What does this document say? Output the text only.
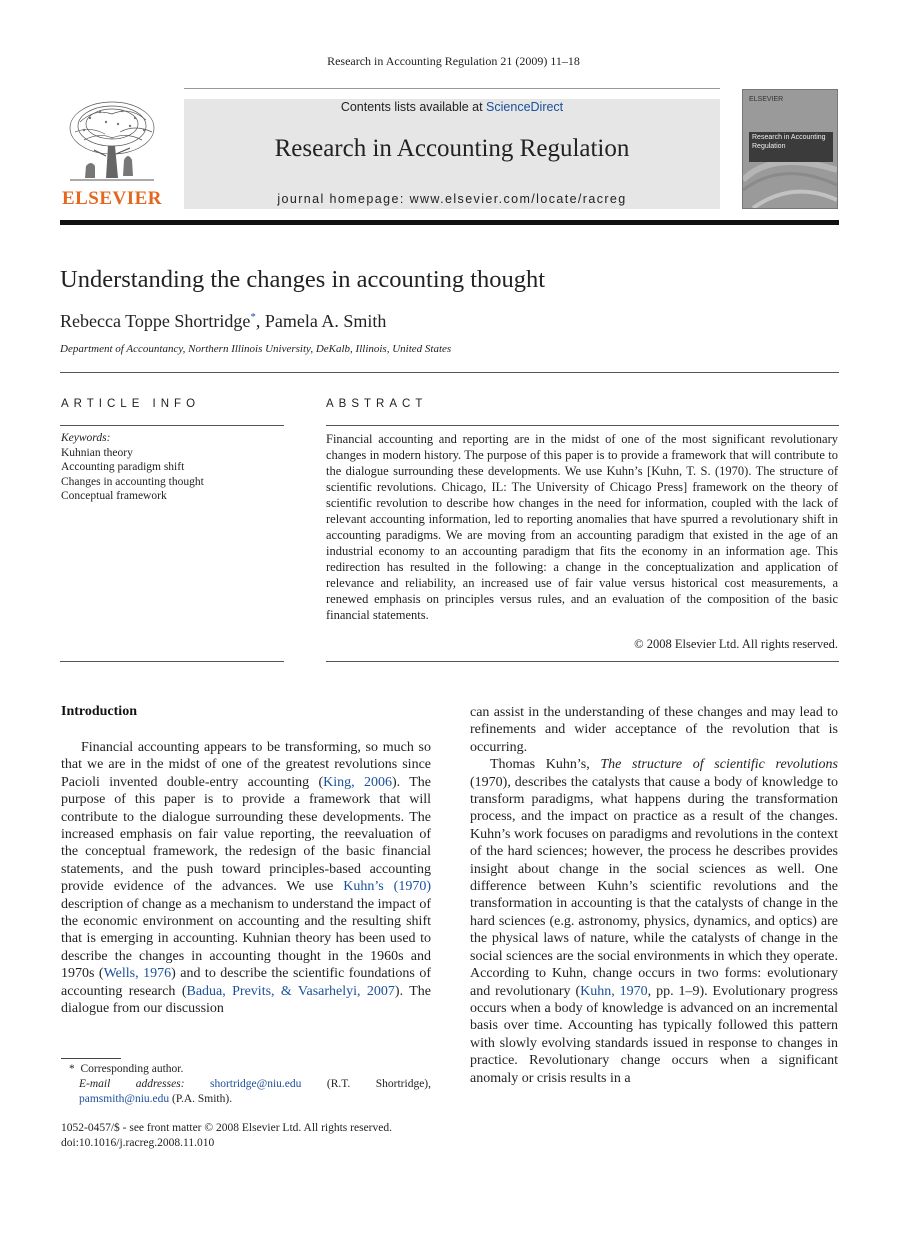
Research in Accounting Regulation 21 (2009) 11–18
ELSEVIER
Contents lists available at ScienceDirect
Research in Accounting Regulation
journal homepage: www.elsevier.com/locate/racreg
ELSEVIER
Research in Accounting Regulation
Understanding the changes in accounting thought
Rebecca Toppe Shortridge*, Pamela A. Smith
Department of Accountancy, Northern Illinois University, DeKalb, Illinois, United States
ARTICLE INFO	ABSTRACT
Keywords:
Kuhnian theory
Accounting paradigm shift
Changes in accounting thought
Conceptual framework
Financial accounting and reporting are in the midst of one of the most significant revolutionary changes in modern history. The purpose of this paper is to provide a framework that will contribute to the dialogue surrounding these developments. We use Kuhn’s [Kuhn, T. S. (1970). The structure of scientific revolutions. Chicago, IL: The University of Chicago Press] framework on the theory of scientific revolution to describe how changes in the need for information, coupled with the lack of relevant accounting information, led to reporting anomalies that have spurred a revolutionary shift in accounting paradigms. We are moving from an accounting paradigm that existed in the age of an industrial economy to an accounting paradigm that fits the economy in an information age. This redirection has resulted in the following: a change in the conceptualization and application of relevance and reliability, an increased use of fair value versus historical cost measurements, a renewed emphasis on principles versus rules, and an evaluation of the composition of the basic financial statements.
© 2008 Elsevier Ltd. All rights reserved.
Introduction

Financial accounting appears to be transforming, so much so that we are in the midst of one of the greatest revolutions since Pacioli invented double-entry accounting (King, 2006). The purpose of this paper is to provide a framework that will contribute to the dialogue surrounding these developments. The increased emphasis on fair value reporting, the reevaluation of the conceptual framework, the redesign of the basic financial statements, and the push toward principles-based accounting provide evidence of the advances. We use Kuhn’s (1970) description of change as a mechanism to understand the impact of the economic environment on accounting and the resulting shift that is emerging in accounting. Kuhnian theory has been used to describe the changes in accounting thought in the 1960s and 1970s (Wells, 1976) and to describe the scientific foundations of accounting research (Badua, Previts, & Vasarhelyi, 2007). The dialogue from our discussion

can assist in the understanding of these changes and may lead to refinements and wider acceptance of the revolution that is occurring.

Thomas Kuhn’s, The structure of scientific revolutions (1970), describes the catalysts that cause a body of knowledge to transform paradigms, what happens during the transformation process, and the impact on practice as a result of the changes. Kuhn’s work focuses on paradigms and revolutions in the context of the hard sciences; however, the process he describes provides insight about change in the social sciences as well. One difference between Kuhn’s scientific revolutions and the transformation in accounting is that the catalysts of change in the hard sciences (e.g. astronomy, physics, dynamics, and optics) are the physical laws of nature, while the catalysts of change in the social sciences are the social environments in which they operate. According to Kuhn, change occurs in two forms: evolutionary and revolutionary (Kuhn, 1970, pp. 1–9). Evolutionary progress occurs when a body of knowledge is advanced on an incremental basis over time. Accounting has typically followed this pattern with slowly evolving standards issued in response to changes in practice. Revolutionary change occurs when a significant anomaly or crisis results in a

* Corresponding author.
E-mail addresses: shortridge@niu.edu (R.T. Shortridge), pamsmith@niu.edu (P.A. Smith).
1052-0457/$ - see front matter © 2008 Elsevier Ltd. All rights reserved.
doi:10.1016/j.racreg.2008.11.010
